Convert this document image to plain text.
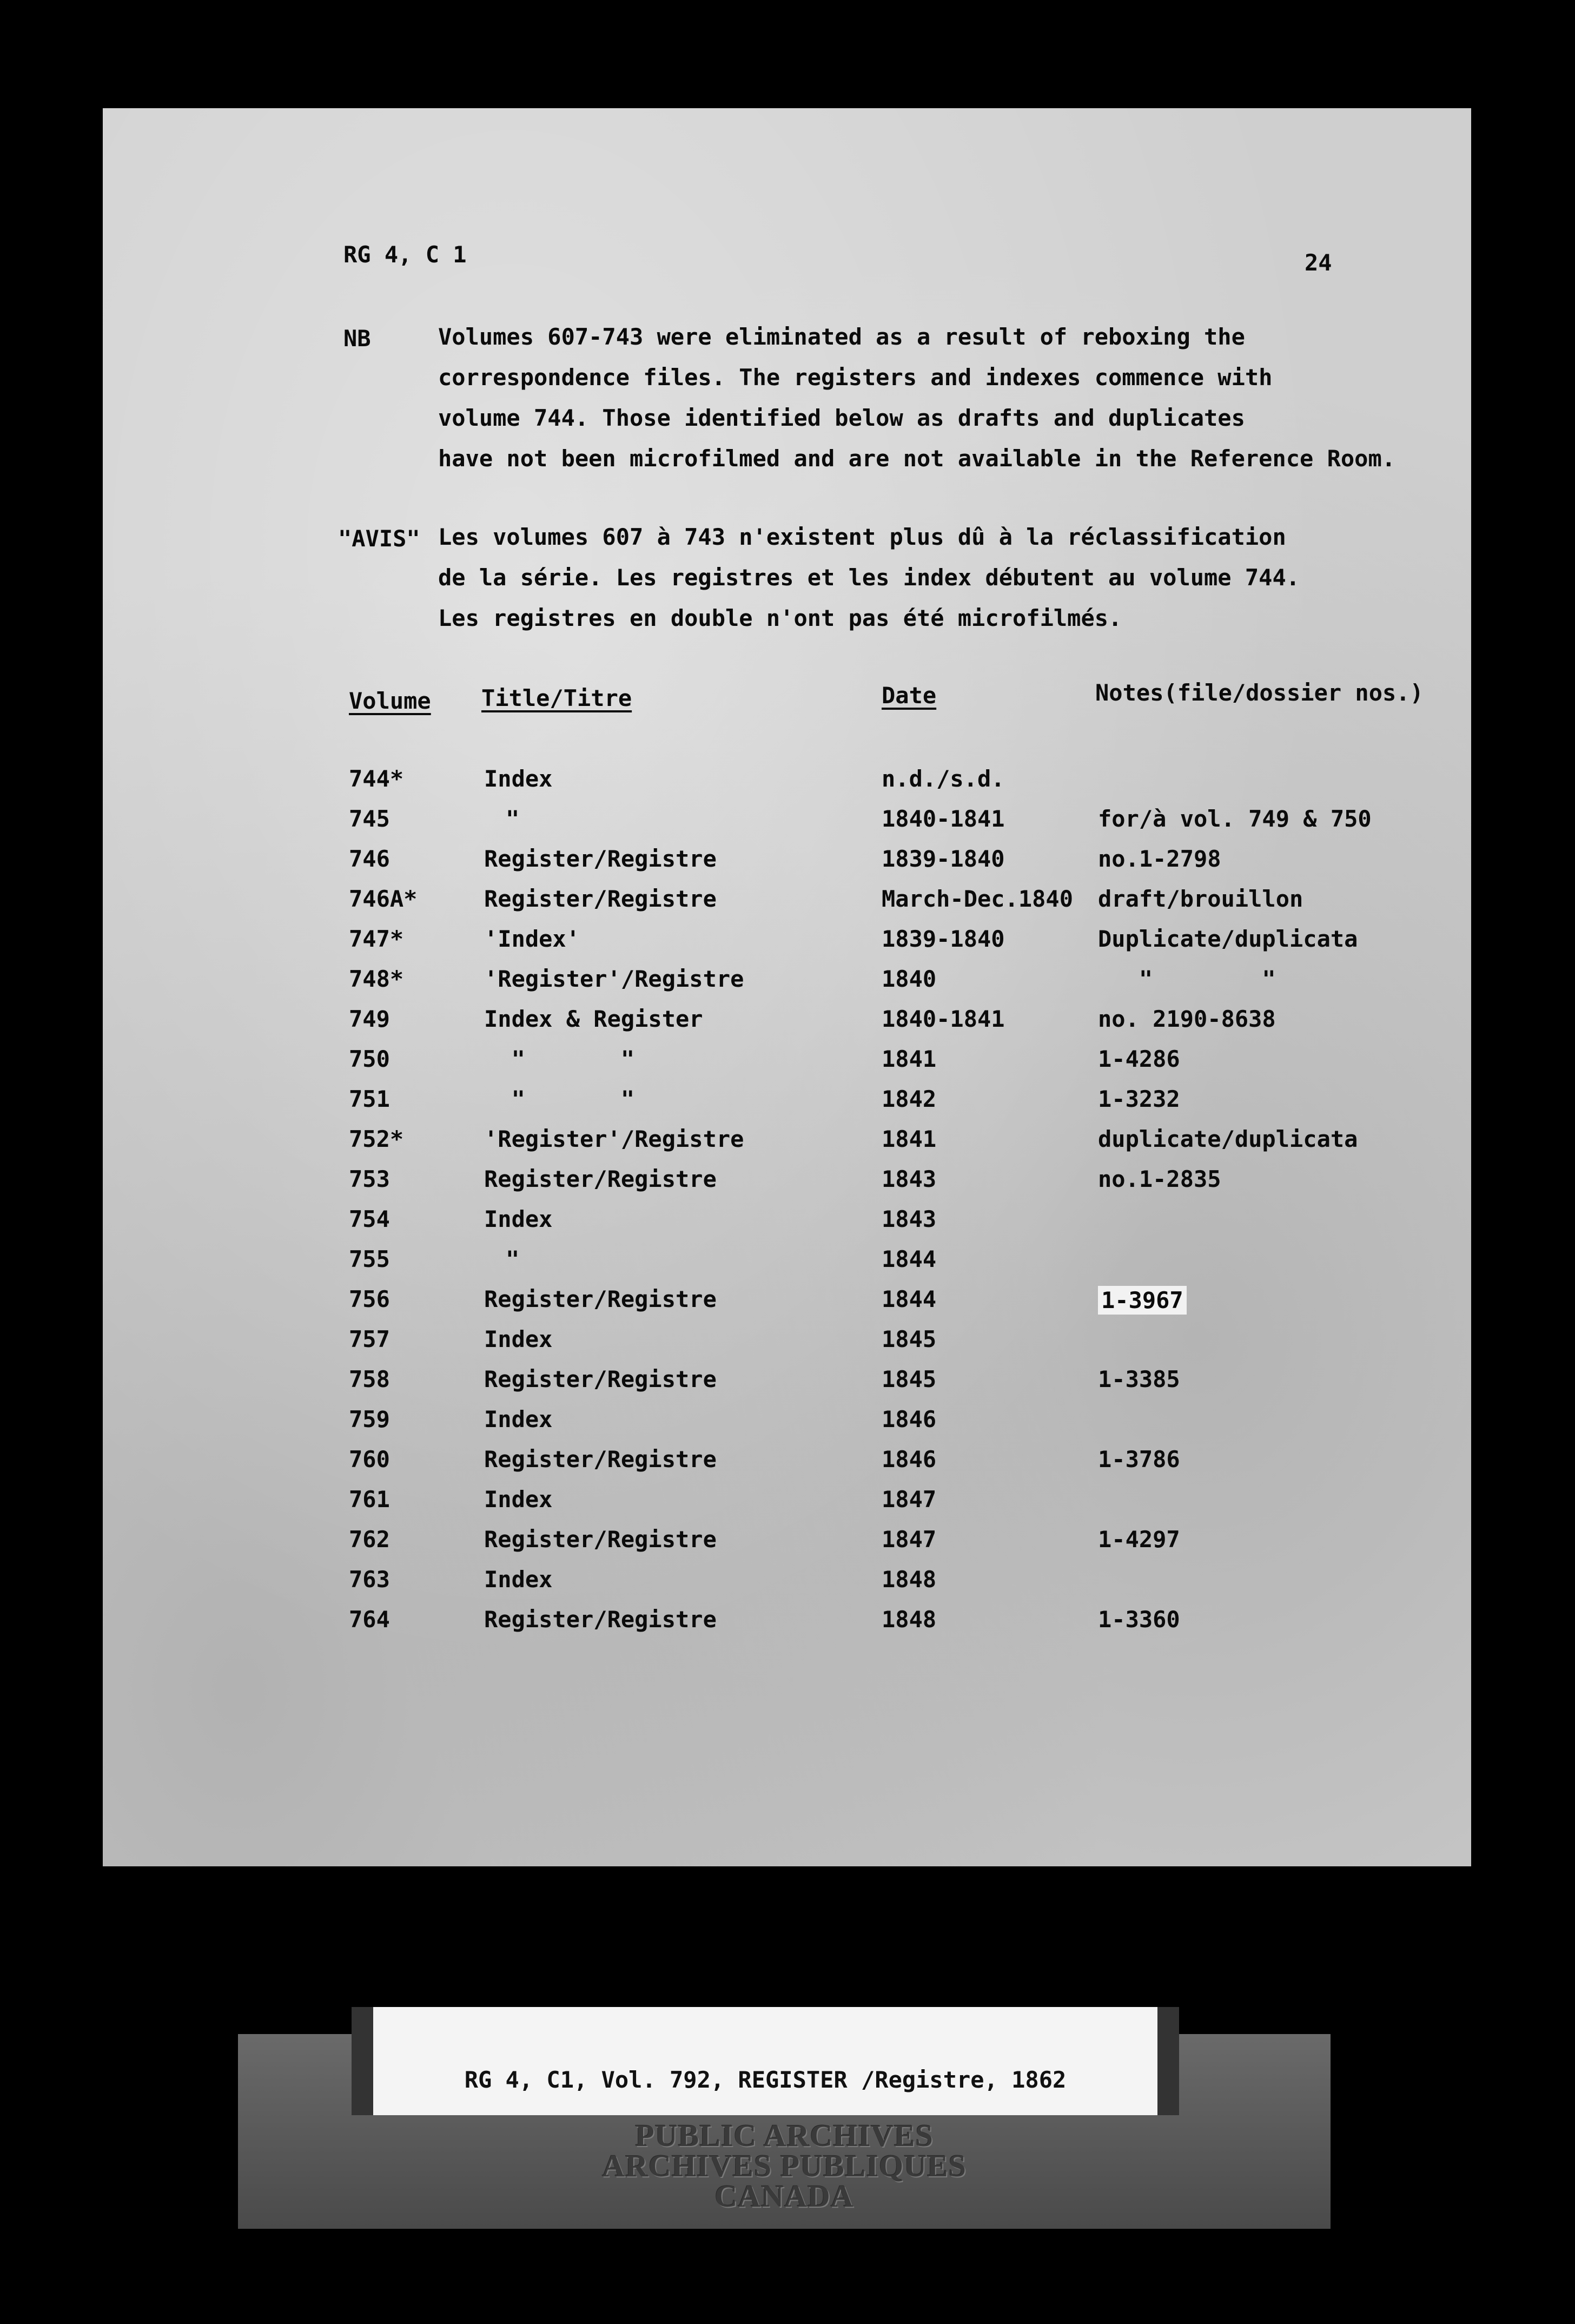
RG 4, C 1	24
NB	Volumes 607-743 were eliminated as a result of reboxing the
correspondence files. The registers and indexes commence with
volume 744. Those identified below as drafts and duplicates
have not been microfilmed and are not available in the Reference Room.
"AVIS" Les volumes 607 à 743 n'existent plus dû à la réclassification
de la série. Les registres et les index débutent au volume 744.
Les registres en double n'ont pas été microfilmés.
Volume Title/Titre	Date	Notes(file/dossier nos.)
744*	Index	n.d./s.d.
745	"	1840-1841	for/à vol. 749 & 750
746	Register/Registre	1839-1840	no.1-2798
746A*	Register/Registre	March-Dec.1840 draft/brouillon
747*	'Index'	1839-1840	Duplicate/duplicata
748*	'Register'/Registre	1840	"        "
749	Index & Register	1840-1841	no. 2190-8638
750	"       "	1841	1-4286
751	"       "	1842	1-3232
752*	'Register'/Registre	1841	duplicate/duplicata
753	Register/Registre	1843	no.1-2835
754	Index	1843
755	"	1844
756	Register/Registre	1844	1-3967
757	Index	1845
758	Register/Registre	1845	1-3385
759	Index	1846
760	Register/Registre	1846	1-3786
761	Index	1847
762	Register/Registre	1847	1-4297
763	Index	1848
764	Register/Registre	1848	1-3360
PUBLIC ARCHIVES
ARCHIVES PUBLIQUES
CANADA
RG 4, C1, Vol. 792, REGISTER /Registre, 1862
